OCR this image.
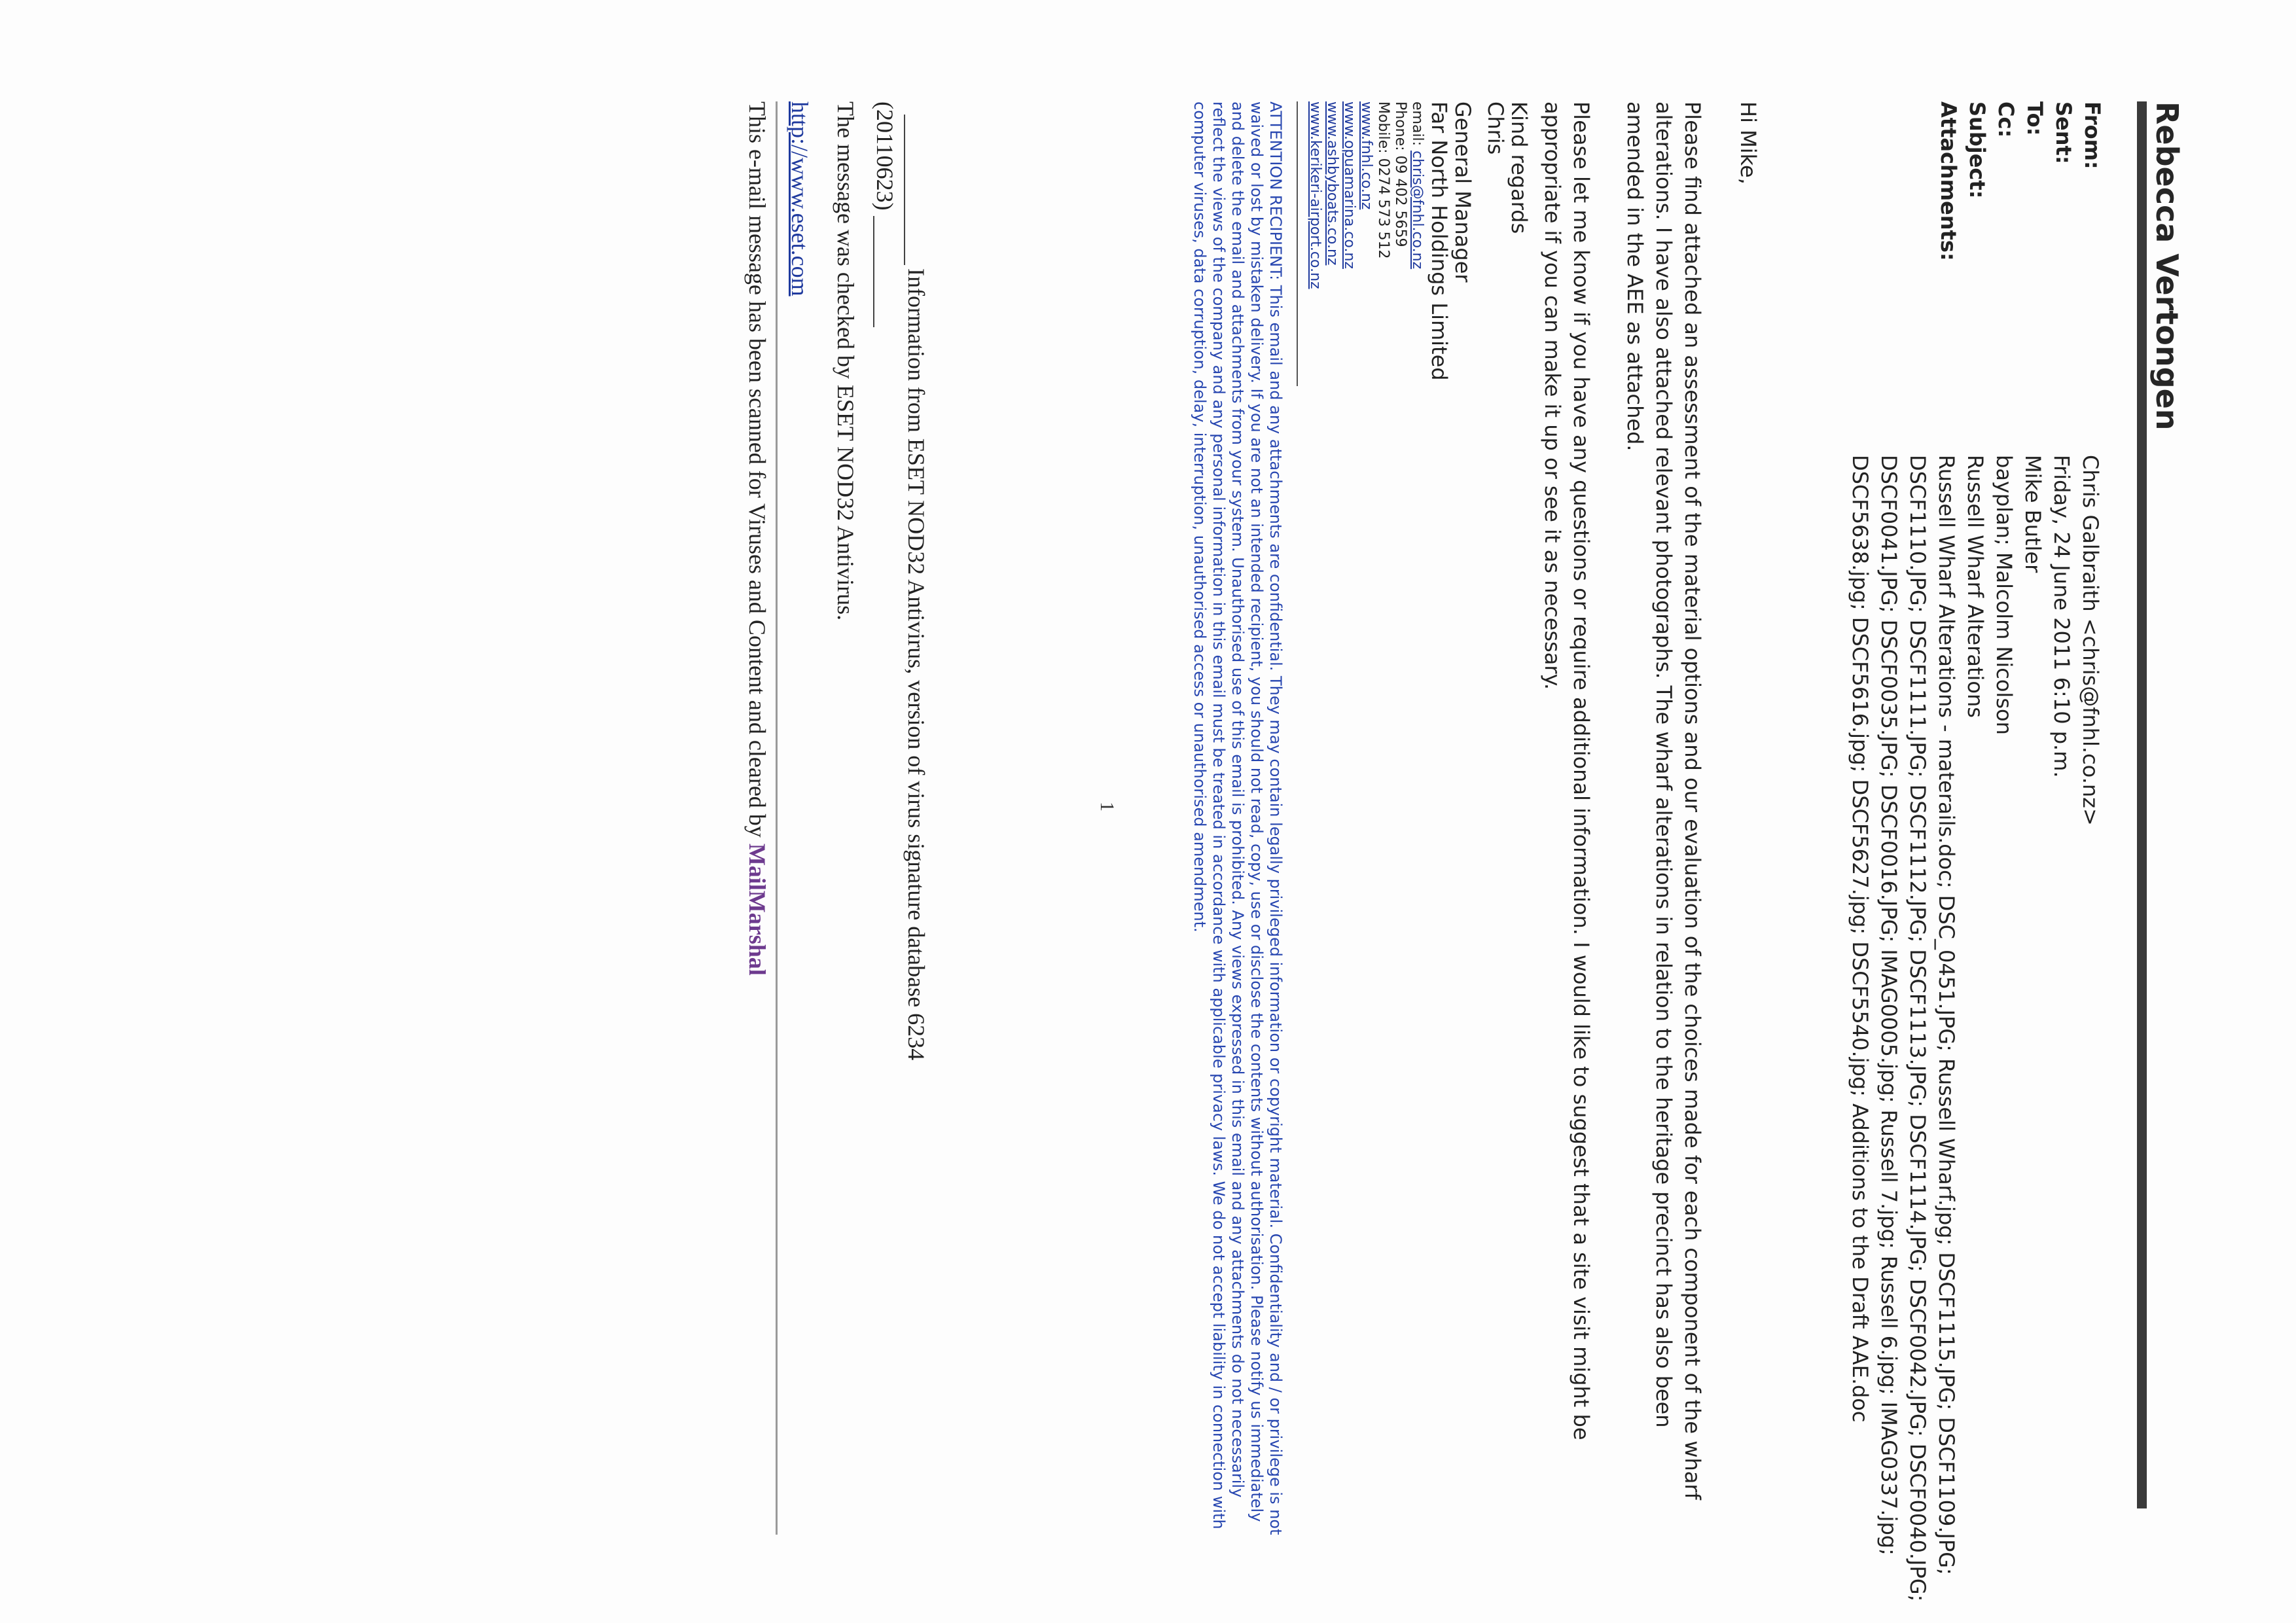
Rebecca Vertongen
From:
Chris Galbraith <chris@fnhl.co.nz>
Sent:
Friday, 24 June 2011 6:10 p.m.
To:
Mike Butler
Cc:
bayplan; Malcolm Nicolson
Subject:
Russell Wharf Alterations
Attachments:
Russell Wharf Alterations - materails.doc; DSC_0451.JPG; Russell Wharf.jpg; DSCF1115.JPG; DSCF1109.JPG; DSCF1110.JPG; DSCF1111.JPG; DSCF1112.JPG; DSCF1113.JPG; DSCF1114.JPG; DSCF0042.JPG; DSCF0040.JPG; DSCF0041.JPG; DSCF0035.JPG; DSCF0016.JPG; IMAG0005.jpg; Russell 7.jpg; Russell 6.jpg; IMAG0337.jpg; DSCF5638.jpg; DSCF5616.jpg; DSCF5627.jpg; DSCF5540.jpg; Additions to the Draft AAE.doc
Hi Mike,
Please find attached an assessment of the material options and our evaluation of the choices made for each component of the wharf alterations. I have also attached relevant photographs. The wharf alterations in relation to the heritage precinct has also been amended in the AEE as attached.
Please let me know if you have any questions or require additional information. I would like to suggest that a site visit might be appropriate if you can make it up or see it as necessary.
Kind regards
Chris
General Manager
Far North Holdings Limited
email: chris@fnhl.co.nz
Phone: 09 402 5659
Mobile: 0274 573 512
www.fnhl.co.nz
www.opuamarina.co.nz
www.ashbyboats.co.nz
www.kerikeri-airport.co.nz
ATTENTION RECIPIENT: This email and any attachments are confidential. They may contain legally privileged information or copyright material. Confidentiality and / or privilege is not waived or lost by mistaken delivery. If you are not an intended recipient, you should not read, copy, use or disclose the contents without authorisation. Please notify us immediately and delete the email and attachments from your system. Unauthorised use of this email is prohibited. Any views expressed in this email and any attachments do not necessarily reflect the views of the company and any personal information in this email must be treated in accordance with applicable privacy laws. We do not accept liability in connection with computer viruses, data corruption, delay, interruption, unauthorised access or unauthorised amendment.
1
Information from ESET NOD32 Antivirus, version of virus signature database 6234
(20110623)
The message was checked by ESET NOD32 Antivirus.
http://www.eset.com
This e-mail message has been scanned for Viruses and Content and cleared by MailMarshal
